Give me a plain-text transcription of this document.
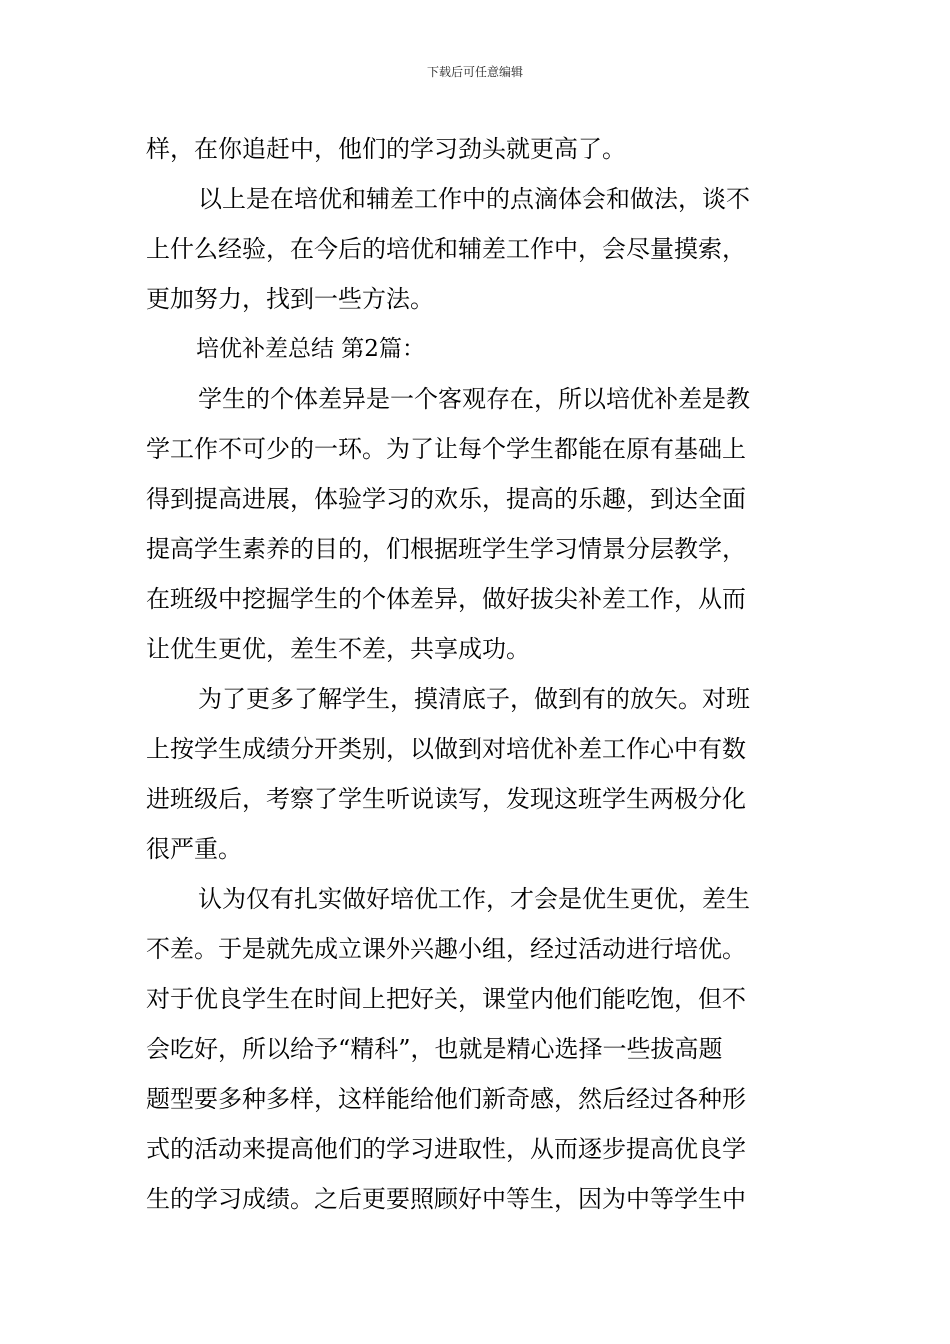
下载后可任意编辑
样，在你追赶中，他们的学习劲头就更高了。
以上是在培优和辅差工作中的点滴体会和做法，谈不
上什么经验，在今后的培优和辅差工作中，会尽量摸索，
更加努力，找到一些方法。
培优补差总结 第2篇：
学生的个体差异是一个客观存在，所以培优补差是教
学工作不可少的一环。为了让每个学生都能在原有基础上
得到提高进展，体验学习的欢乐，提高的乐趣，到达全面
提高学生素养的目的，们根据班学生学习情景分层教学，
在班级中挖掘学生的个体差异，做好拔尖补差工作，从而
让优生更优，差生不差，共享成功。
为了更多了解学生，摸清底子，做到有的放矢。对班
上按学生成绩分开类别，以做到对培优补差工作心中有数
进班级后，考察了学生听说读写，发现这班学生两极分化
很严重。
认为仅有扎实做好培优工作，才会是优生更优，差生
不差。于是就先成立课外兴趣小组，经过活动进行培优。
对于优良学生在时间上把好关，课堂内他们能吃饱，但不
会吃好，所以给予“精科”，也就是精心选择一些拔高题
题型要多种多样，这样能给他们新奇感，然后经过各种形
式的活动来提高他们的学习进取性，从而逐步提高优良学
生的学习成绩。之后更要照顾好中等生，因为中等学生中
